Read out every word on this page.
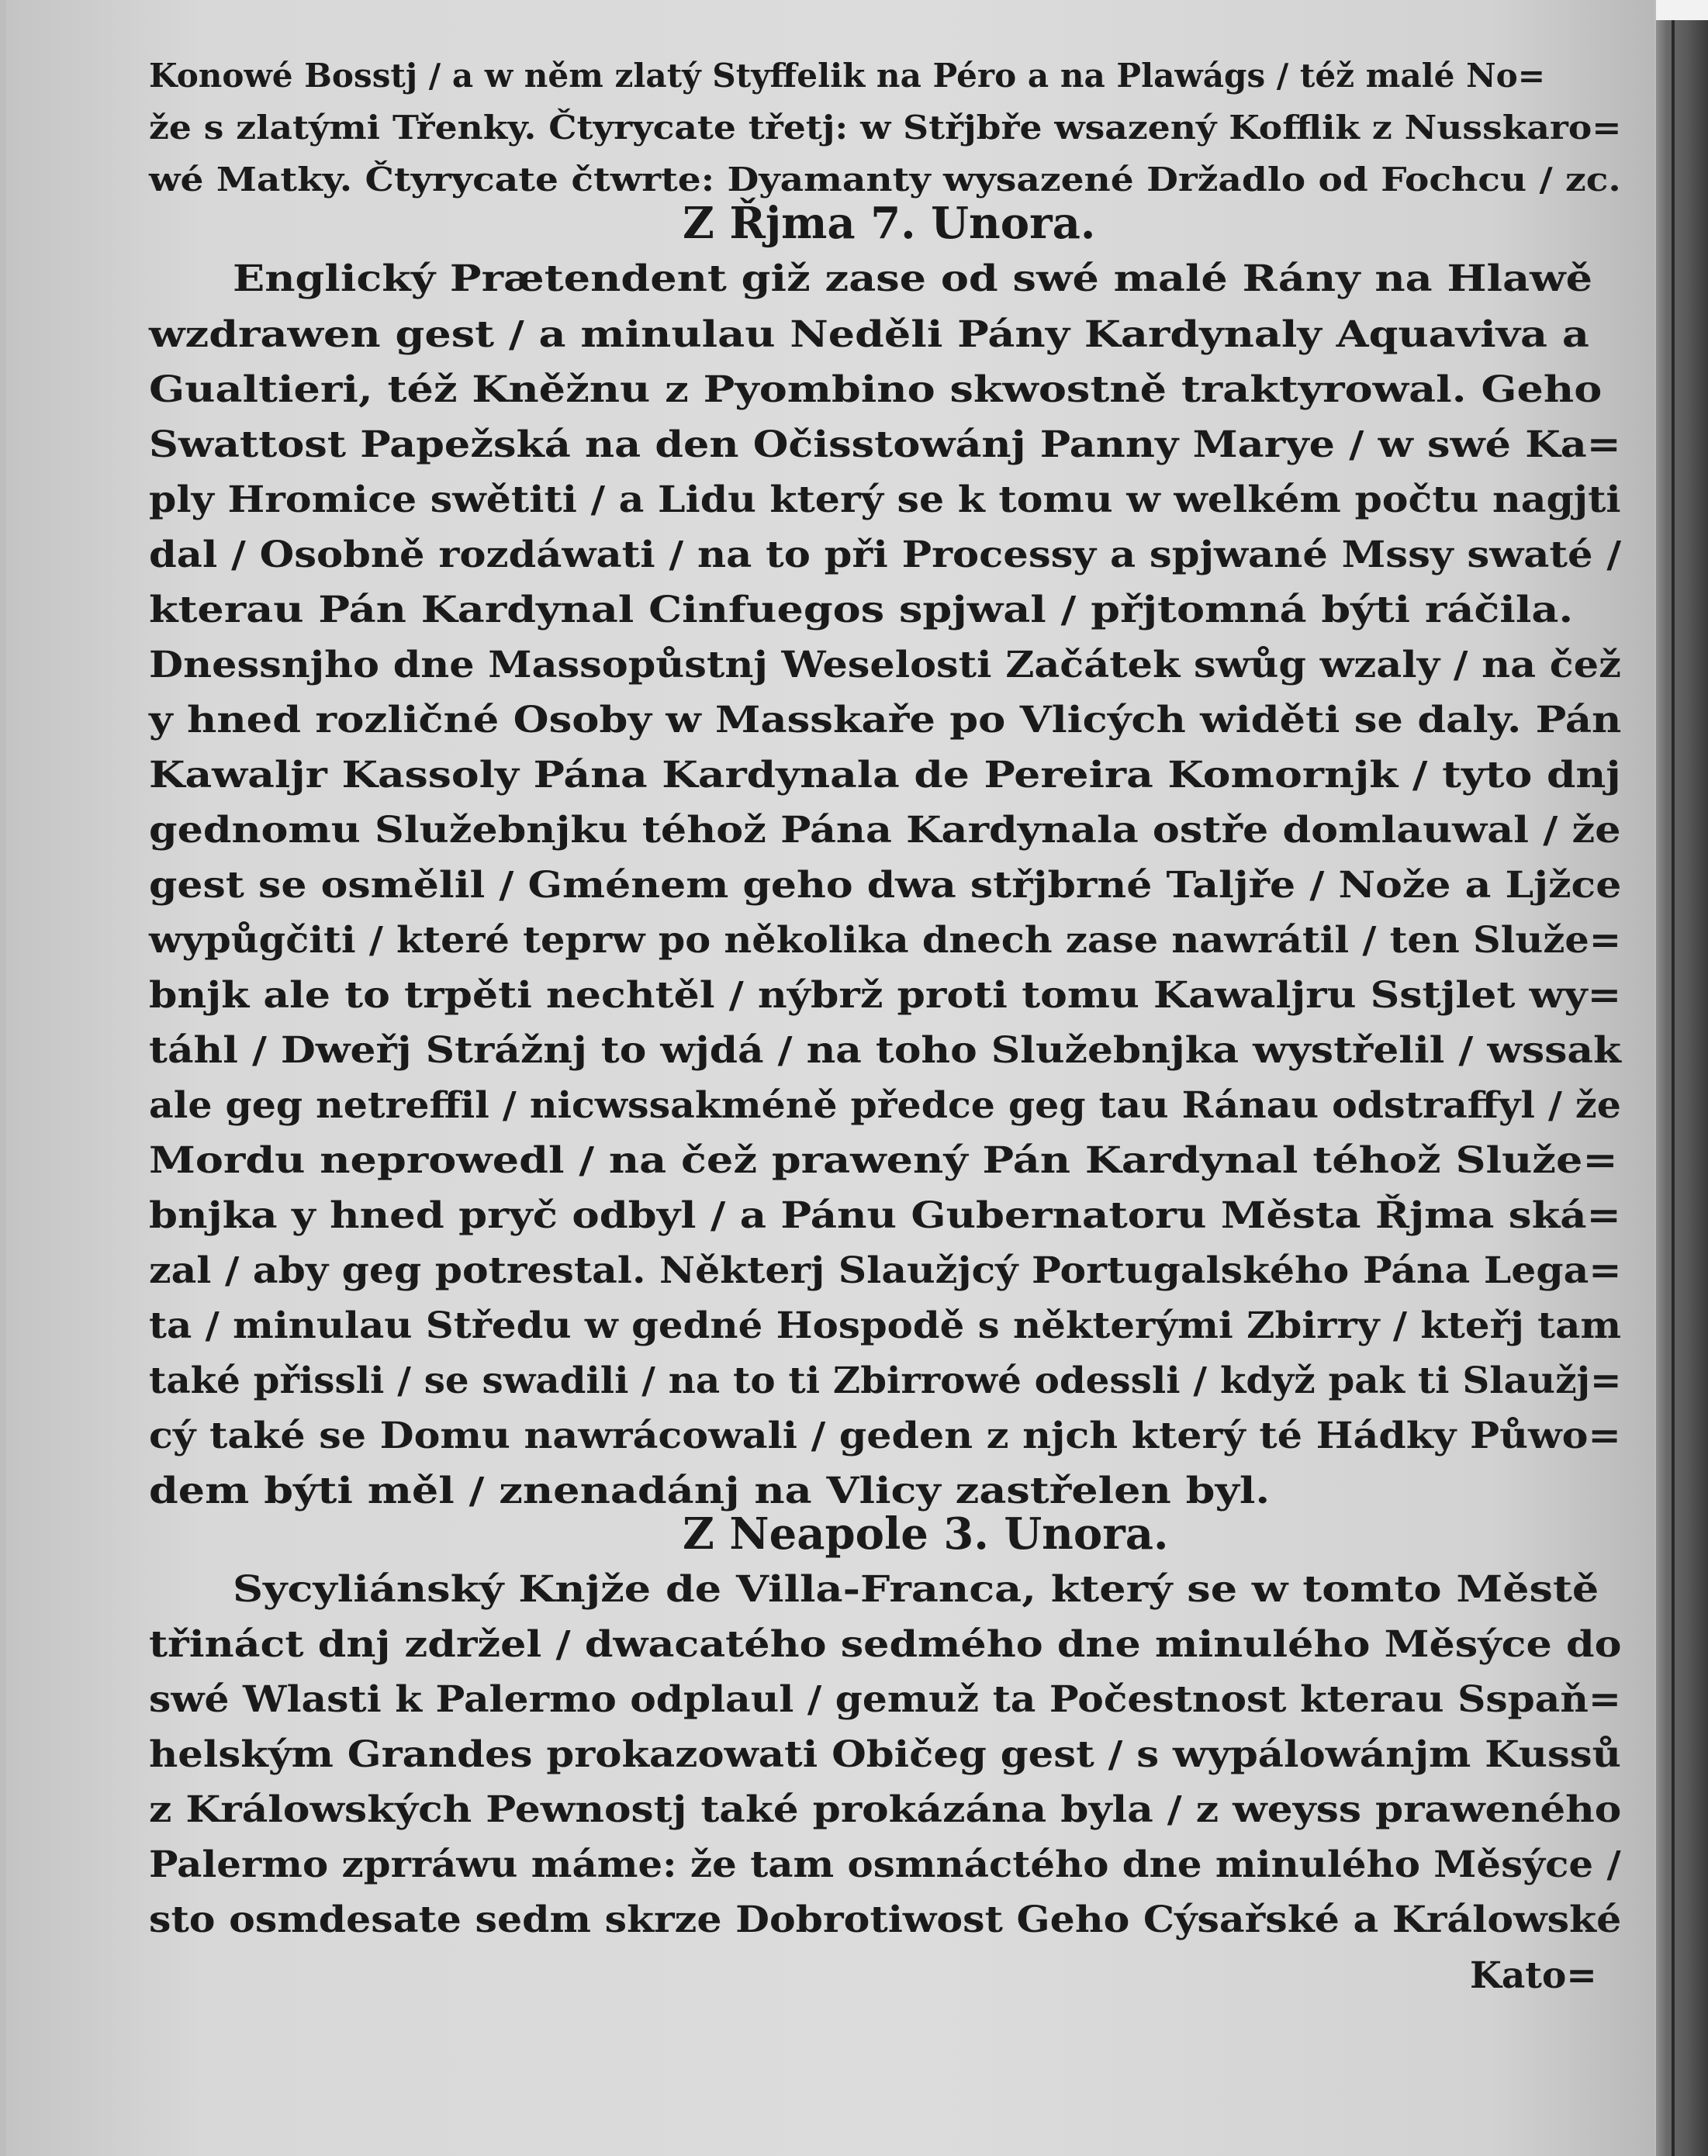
Konowé Bosstj / a w něm zlatý Styffelik na Péro a na Plawágs / též malé No=
že s zlatými Třenky. Čtyrycate třetj: w Střjbře wsazený Kofflik z Nusskaro=
wé Matky. Čtyrycate čtwrte: Dyamanty wysazené Držadlo od Fochcu / zc.
Z Řjma 7. Unora.
Englický Prætendent giž zase od swé malé Rány na Hlawě
wzdrawen gest / a minulau Neděli Pány Kardynaly Aquaviva a
Gualtieri, též Kněžnu z Pyombino skwostně traktyrowal. Geho
Swattost Papežská na den Očisstowánj Panny Marye / w swé Ka=
ply Hromice swětiti / a Lidu který se k tomu w welkém počtu nagjti
dal / Osobně rozdáwati / na to při Processy a spjwané Mssy swaté /
kterau Pán Kardynal Cinfuegos spjwal / přjtomná býti ráčila.
Dnessnjho dne Massopůstnj Weselosti Začátek swůg wzaly / na čež
y hned rozličné Osoby w Masskaře po Vlicých widěti se daly. Pán
Kawaljr Kassoly Pána Kardynala de Pereira Komornjk / tyto dnj
gednomu Služebnjku téhož Pána Kardynala ostře domlauwal / že
gest se osmělil / Gménem geho dwa střjbrné Taljře / Nože a Ljžce
wypůgčiti / které teprw po několika dnech zase nawrátil / ten Služe=
bnjk ale to trpěti nechtěl / nýbrž proti tomu Kawaljru Sstjlet wy=
táhl / Dweřj Strážnj to wjdá / na toho Služebnjka wystřelil / wssak
ale geg netreffil / nicwssakméně předce geg tau Ránau odstraffyl / že
Mordu neprowedl / na čež prawený Pán Kardynal téhož Služe=
bnjka y hned pryč odbyl / a Pánu Gubernatoru Města Řjma ská=
zal / aby geg potrestal. Některj Slaužjcý Portugalského Pána Lega=
ta / minulau Středu w gedné Hospodě s některými Zbirry / kteřj tam
také přissli / se swadili / na to ti Zbirrowé odessli / když pak ti Slaužj=
cý také se Domu nawrácowali / geden z njch který té Hádky Půwo=
dem býti měl / znenadánj na Vlicy zastřelen byl.
Z Neapole 3. Unora.
Sycyliánský Knjže de Villa-Franca, který se w tomto Městě
třináct dnj zdržel / dwacatého sedmého dne minulého Měsýce do
swé Wlasti k Palermo odplaul / gemuž ta Počestnost kterau Sspaň=
helským Grandes prokazowati Običeg gest / s wypálowánjm Kussů
z Králowských Pewnostj také prokázána byla / z weyss praweného
Palermo zprráwu máme: že tam osmnáctého dne minulého Měsýce /
sto osmdesate sedm skrze Dobrotiwost Geho Cýsařské a Králowské
Kato=
